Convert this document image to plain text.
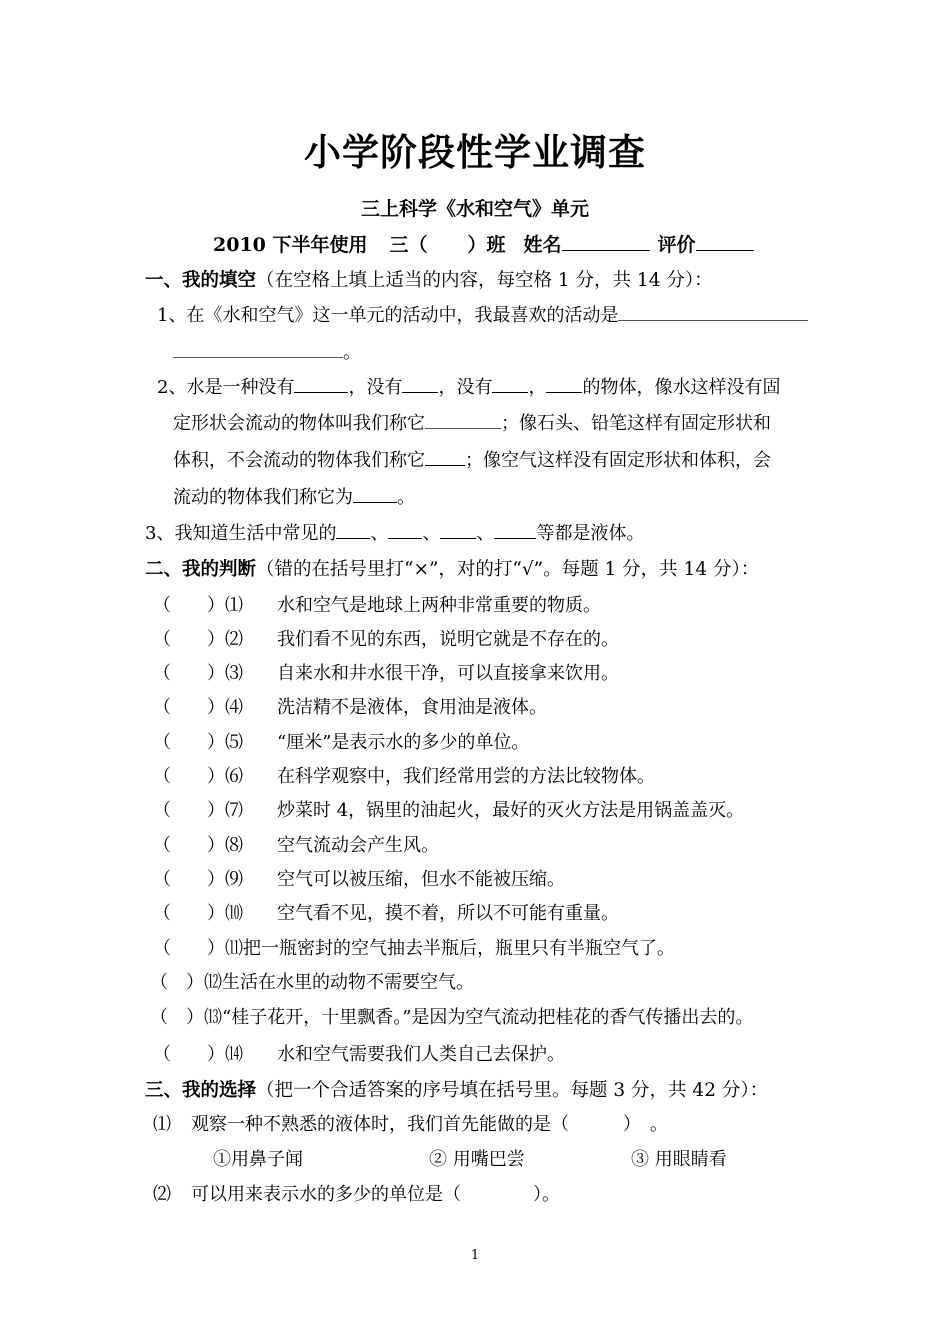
小学阶段性学业调查
三上科学《水和空气》单元
2010 下半年使用 三（ ）班 姓名	评价
一、我的填空（在空格上填上适当的内容，每空格 1 分，共 14 分）：
1、在《水和空气》这一单元的活动中，我最喜欢的活动是
。
2、水是一种没有	，没有 ，没有 ， 的物体，像水这样没有固
定形状会流动的物体叫我们称它	；像石头、铅笔这样有固定形状和
体积，不会流动的物体我们称它 ；像空气这样没有固定形状和体积，会
流动的物体我们称它为 。
3、我知道生活中常见的 、 、 、 等都是液体。
二、我的判断（错的在括号里打“×”，对的打“√”。每题 1 分，共 14 分）：
（　　）⑴ 水和空气是地球上两种非常重要的物质。
（　　）⑵ 我们看不见的东西，说明它就是不存在的。
（　　）⑶ 自来水和井水很干净，可以直接拿来饮用。
（　　）⑷ 洗洁精不是液体，食用油是液体。
（　　）⑸ “厘米”是表示水的多少的单位。
（　　）⑹ 在科学观察中，我们经常用尝的方法比较物体。
（　　）⑺ 炒菜时 4，锅里的油起火，最好的灭火方法是用锅盖盖灭。
（　　）⑻ 空气流动会产生风。
（　　）⑼ 空气可以被压缩，但水不能被压缩。
（　　）⑽ 空气看不见，摸不着，所以不可能有重量。
（　　）⑾把一瓶密封的空气抽去半瓶后，瓶里只有半瓶空气了。
（　）⑿生活在水里的动物不需要空气。
（　）⒀“桂子花开，十里飘香。”是因为空气流动把桂花的香气传播出去的。
（　　）⒁ 水和空气需要我们人类自己去保护。
三、我的选择（把一个合适答案的序号填在括号里。每题 3 分，共 42 分）：
⑴ 观察一种不熟悉的液体时，我们首先能做的是（　　　）　。
①用鼻子闻	② 用嘴巴尝	③ 用眼睛看
⑵ 可以用来表示水的多少的单位是（　　　　）。
1
